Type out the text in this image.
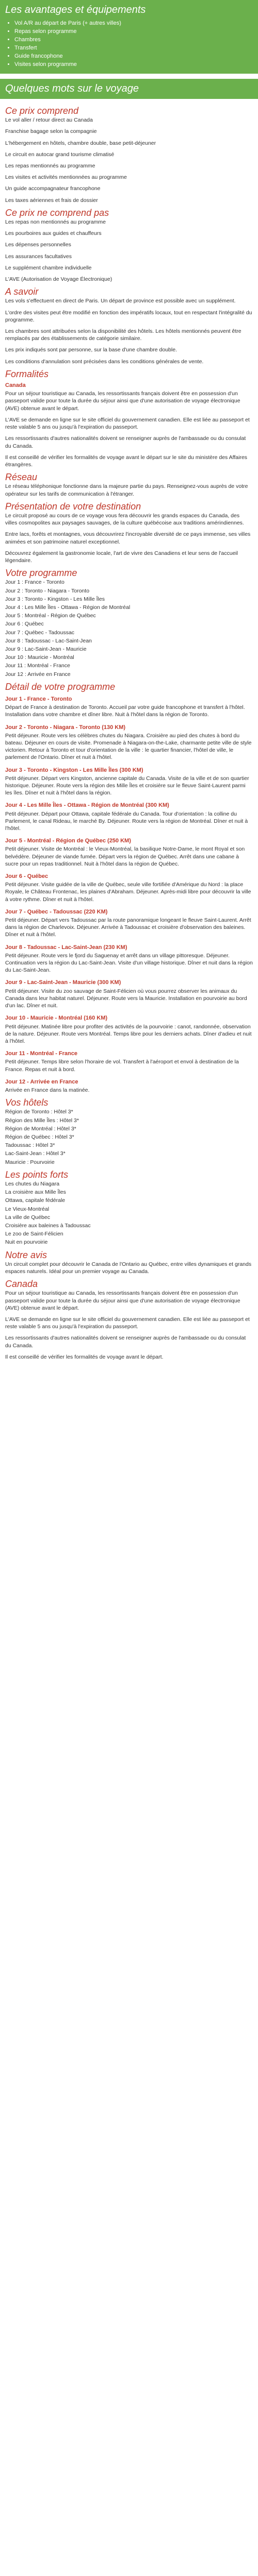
Les avantages et équipements
• Vol A/R au départ de Paris (+ autres villes)
• Repas selon programme
• Chambres
• Transfert
• Guide francophone
• Visites selon programme
Quelques mots sur le voyage
Ce prix comprend

Le vol aller / retour direct au Canada

Franchise bagage selon la compagnie

L'hébergement en hôtels, chambre double, base petit-déjeuner

Le circuit en autocar grand tourisme climatisé

Les repas mentionnés au programme

Les visites et activités mentionnées au programme

Un guide accompagnateur francophone

Les taxes aériennes et frais de dossier

Ce prix ne comprend pas

Les repas non mentionnés au programme

Les pourboires aux guides et chauffeurs

Les dépenses personnelles

Les assurances facultatives

Le supplément chambre individuelle

L'AVE (Autorisation de Voyage Électronique)

A savoir

Les vols s'effectuent en direct de Paris. Un départ de province est possible avec un supplément.

L'ordre des visites peut être modifié en fonction des impératifs locaux, tout en respectant l'intégralité du programme.

Les chambres sont attribuées selon la disponibilité des hôtels. Les hôtels mentionnés peuvent être remplacés par des établissements de catégorie similaire.

Les prix indiqués sont par personne, sur la base d'une chambre double.

Les conditions d'annulation sont précisées dans les conditions générales de vente.

Formalités
Canada

Pour un séjour touristique au Canada, les ressortissants français doivent être en possession d'un passeport valide pour toute la durée du séjour ainsi que d'une autorisation de voyage électronique (AVE) obtenue avant le départ.

L'AVE se demande en ligne sur le site officiel du gouvernement canadien. Elle est liée au passeport et reste valable 5 ans ou jusqu'à l'expiration du passeport.

Les ressortissants d'autres nationalités doivent se renseigner auprès de l'ambassade ou du consulat du Canada.

Il est conseillé de vérifier les formalités de voyage avant le départ sur le site du ministère des Affaires étrangères.

Réseau

Le réseau téléphonique fonctionne dans la majeure partie du pays. Renseignez-vous auprès de votre opérateur sur les tarifs de communication à l'étranger.

Présentation de votre destination

Le circuit proposé au cours de ce voyage vous fera découvrir les grands espaces du Canada, des villes cosmopolites aux paysages sauvages, de la culture québécoise aux traditions amérindiennes.

Entre lacs, forêts et montagnes, vous découvrirez l'incroyable diversité de ce pays immense, ses villes animées et son patrimoine naturel exceptionnel.

Découvrez également la gastronomie locale, l'art de vivre des Canadiens et leur sens de l'accueil légendaire.

Votre programme

Jour 1 : France - Toronto

Jour 2 : Toronto - Niagara - Toronto

Jour 3 : Toronto - Kingston - Les Mille Îles

Jour 4 : Les Mille Îles - Ottawa - Région de Montréal

Jour 5 : Montréal - Région de Québec

Jour 6 : Québec

Jour 7 : Québec - Tadoussac

Jour 8 : Tadoussac - Lac-Saint-Jean

Jour 9 : Lac-Saint-Jean - Mauricie

Jour 10 : Mauricie - Montréal

Jour 11 : Montréal - France

Jour 12 : Arrivée en France

Détail de votre programme
Jour 1 - France - Toronto

Départ de France à destination de Toronto. Accueil par votre guide francophone et transfert à l'hôtel. Installation dans votre chambre et dîner libre. Nuit à l'hôtel dans la région de Toronto.

Jour 2 - Toronto - Niagara - Toronto (130 KM)

Petit déjeuner. Route vers les célèbres chutes du Niagara. Croisière au pied des chutes à bord du bateau. Déjeuner en cours de visite. Promenade à Niagara-on-the-Lake, charmante petite ville de style victorien. Retour à Toronto et tour d'orientation de la ville : le quartier financier, l'hôtel de ville, le parlement de l'Ontario. Dîner et nuit à l'hôtel.

Jour 3 - Toronto - Kingston - Les Mille Îles (300 KM)

Petit déjeuner. Départ vers Kingston, ancienne capitale du Canada. Visite de la ville et de son quartier historique. Déjeuner. Route vers la région des Mille Îles et croisière sur le fleuve Saint-Laurent parmi les îles. Dîner et nuit à l'hôtel dans la région.

Jour 4 - Les Mille Îles - Ottawa - Région de Montréal (300 KM)

Petit déjeuner. Départ pour Ottawa, capitale fédérale du Canada. Tour d'orientation : la colline du Parlement, le canal Rideau, le marché By. Déjeuner. Route vers la région de Montréal. Dîner et nuit à l'hôtel.

Jour 5 - Montréal - Région de Québec (250 KM)

Petit déjeuner. Visite de Montréal : le Vieux-Montréal, la basilique Notre-Dame, le mont Royal et son belvédère. Déjeuner de viande fumée. Départ vers la région de Québec. Arrêt dans une cabane à sucre pour un repas traditionnel. Nuit à l'hôtel dans la région de Québec.

Jour 6 - Québec

Petit déjeuner. Visite guidée de la ville de Québec, seule ville fortifiée d'Amérique du Nord : la place Royale, le Château Frontenac, les plaines d'Abraham. Déjeuner. Après-midi libre pour découvrir la ville à votre rythme. Dîner et nuit à l'hôtel.

Jour 7 - Québec - Tadoussac (220 KM)

Petit déjeuner. Départ vers Tadoussac par la route panoramique longeant le fleuve Saint-Laurent. Arrêt dans la région de Charlevoix. Déjeuner. Arrivée à Tadoussac et croisière d'observation des baleines. Dîner et nuit à l'hôtel.

Jour 8 - Tadoussac - Lac-Saint-Jean (230 KM)

Petit déjeuner. Route vers le fjord du Saguenay et arrêt dans un village pittoresque. Déjeuner. Continuation vers la région du Lac-Saint-Jean. Visite d'un village historique. Dîner et nuit dans la région du Lac-Saint-Jean.

Jour 9 - Lac-Saint-Jean - Mauricie (300 KM)

Petit déjeuner. Visite du zoo sauvage de Saint-Félicien où vous pourrez observer les animaux du Canada dans leur habitat naturel. Déjeuner. Route vers la Mauricie. Installation en pourvoirie au bord d'un lac. Dîner et nuit.

Jour 10 - Mauricie - Montréal (160 KM)

Petit déjeuner. Matinée libre pour profiter des activités de la pourvoirie : canot, randonnée, observation de la nature. Déjeuner. Route vers Montréal. Temps libre pour les derniers achats. Dîner d'adieu et nuit à l'hôtel.

Jour 11 - Montréal - France

Petit déjeuner. Temps libre selon l'horaire de vol. Transfert à l'aéroport et envol à destination de la France. Repas et nuit à bord.

Jour 12 - Arrivée en France

Arrivée en France dans la matinée.

Vos hôtels

Région de Toronto : Hôtel 3*

Région des Mille Îles : Hôtel 3*

Région de Montréal : Hôtel 3*

Région de Québec : Hôtel 3*

Tadoussac : Hôtel 3*

Lac-Saint-Jean : Hôtel 3*

Mauricie : Pourvoirie

Les points forts

Les chutes du Niagara

La croisière aux Mille Îles

Ottawa, capitale fédérale

Le Vieux-Montréal

La ville de Québec

Croisière aux baleines à Tadoussac

Le zoo de Saint-Félicien

Nuit en pourvoirie

Notre avis

Un circuit complet pour découvrir le Canada de l'Ontario au Québec, entre villes dynamiques et grands espaces naturels. Idéal pour un premier voyage au Canada.

Canada

Pour un séjour touristique au Canada, les ressortissants français doivent être en possession d'un passeport valide pour toute la durée du séjour ainsi que d'une autorisation de voyage électronique (AVE) obtenue avant le départ.

L'AVE se demande en ligne sur le site officiel du gouvernement canadien. Elle est liée au passeport et reste valable 5 ans ou jusqu'à l'expiration du passeport.

Les ressortissants d'autres nationalités doivent se renseigner auprès de l'ambassade ou du consulat du Canada.

Il est conseillé de vérifier les formalités de voyage avant le départ.
